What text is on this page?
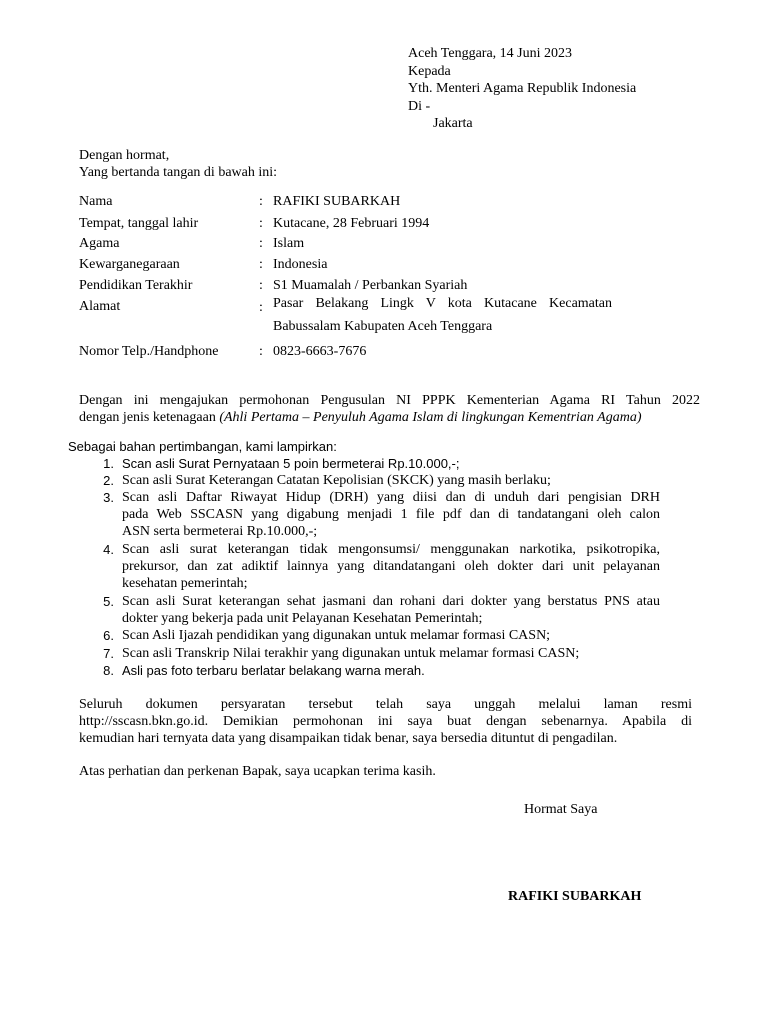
Aceh Tenggara, 14 Juni 2023
Kepada
Yth. Menteri Agama Republik Indonesia
Di -
Jakarta
Dengan hormat,
Yang bertanda tangan di bawah ini:
Nama	: RAFIKI SUBARKAH
Tempat, tanggal lahir	: Kutacane, 28 Februari 1994
Agama	: Islam
Kewarganegaraan	: Indonesia
Pendidikan Terakhir	: S1 Muamalah / Perbankan Syariah
Alamat	: Pasar Belakang Lingk V kota Kutacane Kecamatan
Babussalam Kabupaten Aceh Tenggara
Nomor Telp./Handphone	: 0823-6663-7676
Dengan ini mengajukan permohonan Pengusulan NI PPPK Kementerian Agama RI Tahun 2022
dengan jenis ketenagaan (Ahli Pertama – Penyuluh Agama Islam di lingkungan Kementrian Agama)
Sebagai bahan pertimbangan, kami lampirkan:
1. Scan asli Surat Pernyataan 5 poin bermeterai Rp.10.000,-;
2. Scan asli Surat Keterangan Catatan Kepolisian (SKCK) yang masih berlaku;
3. Scan asli Daftar Riwayat Hidup (DRH) yang diisi dan di unduh dari pengisian DRH
pada Web SSCASN yang digabung menjadi 1 file pdf dan di tandatangani oleh calon
ASN serta bermeterai Rp.10.000,-;
4. Scan asli surat keterangan tidak mengonsumsi/ menggunakan narkotika, psikotropika,
prekursor, dan zat adiktif lainnya yang ditandatangani oleh dokter dari unit pelayanan
kesehatan pemerintah;
5. Scan asli Surat keterangan sehat jasmani dan rohani dari dokter yang berstatus PNS atau
dokter yang bekerja pada unit Pelayanan Kesehatan Pemerintah;
6. Scan Asli Ijazah pendidikan yang digunakan untuk melamar formasi CASN;
7. Scan asli Transkrip Nilai terakhir yang digunakan untuk melamar formasi CASN;
8. Asli pas foto terbaru berlatar belakang warna merah.
Seluruh dokumen persyaratan tersebut telah saya unggah melalui laman resmi
http://sscasn.bkn.go.id. Demikian permohonan ini saya buat dengan sebenarnya. Apabila di
kemudian hari ternyata data yang disampaikan tidak benar, saya bersedia dituntut di pengadilan.
Atas perhatian dan perkenan Bapak, saya ucapkan terima kasih.
Hormat Saya
RAFIKI SUBARKAH
